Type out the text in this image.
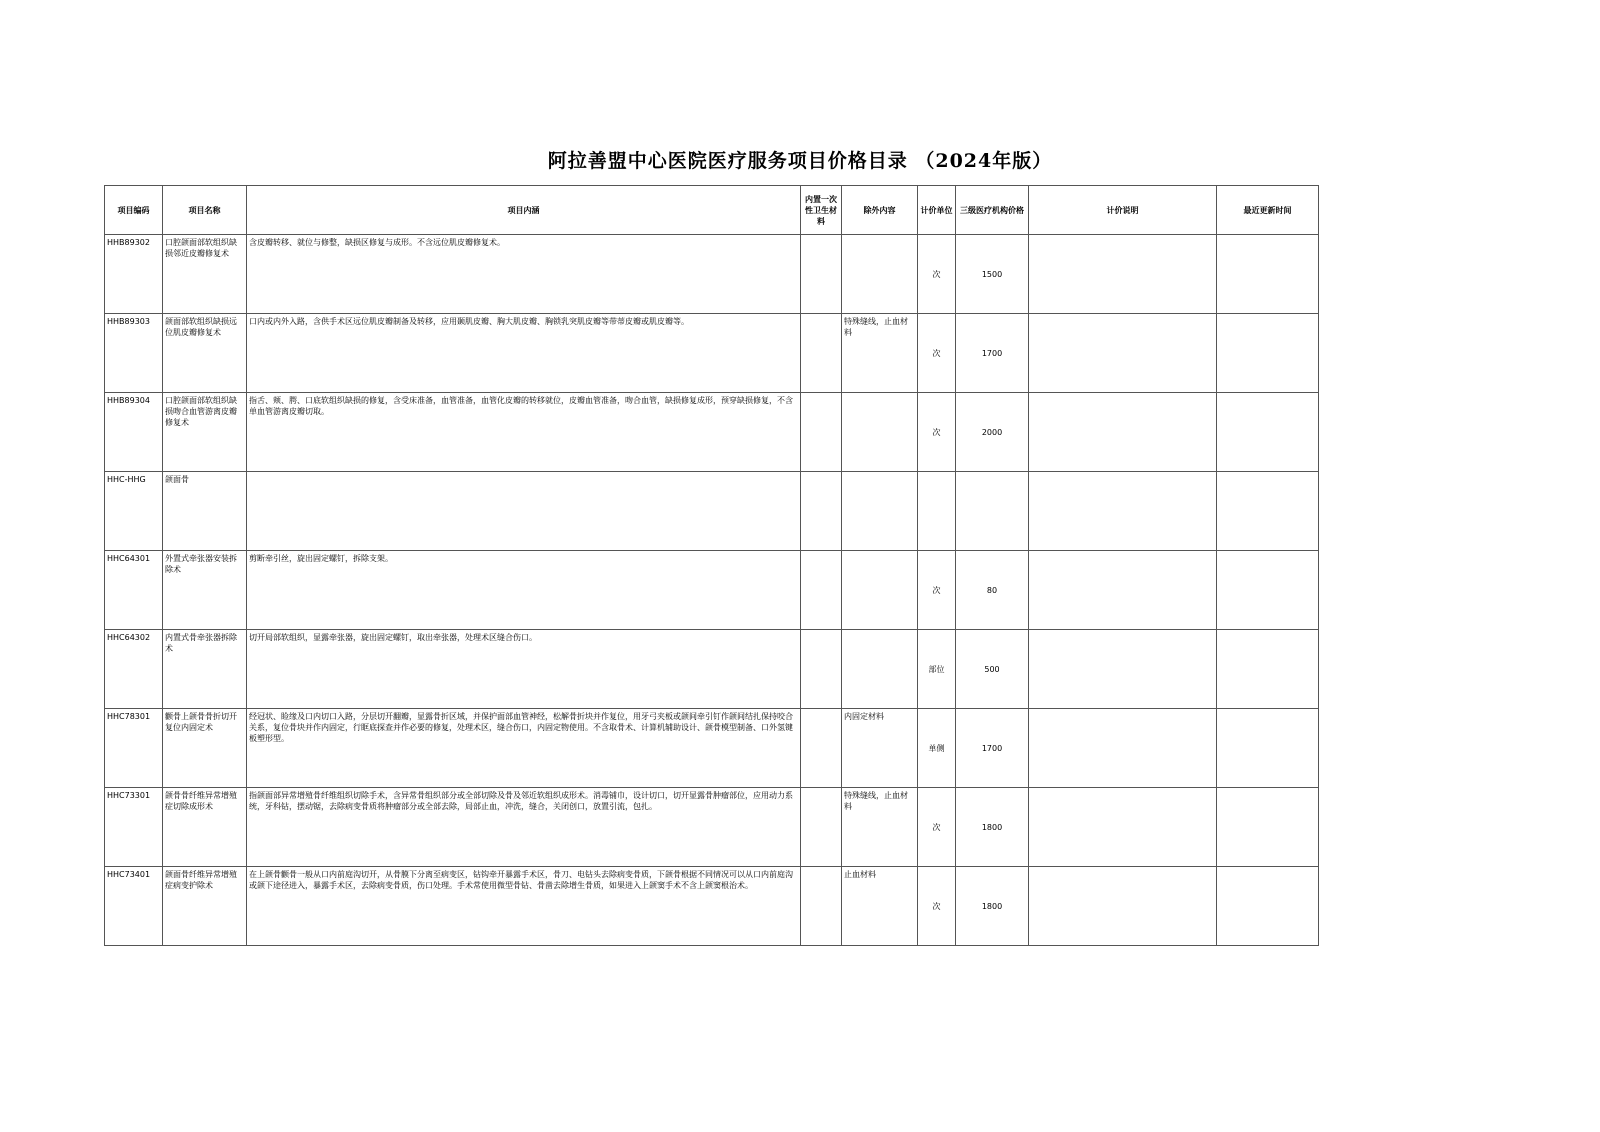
阿拉善盟中心医院医疗服务项目价格目录 （2024年版）
项目编码	项目名称	项目内涵	内置一次性卫生材料	除外内容	计价单位	三级医疗机构价格	计价说明	最近更新时间
HHB89302	口腔颌面部软组织缺损邻近皮瓣修复术	含皮瓣转移、就位与修整，缺损区修复与成形。不含远位肌皮瓣修复术。			次	1500		
HHB89303	颌面部软组织缺损远位肌皮瓣修复术	口内或内外入路，含供手术区远位肌皮瓣制备及转移，应用颞肌皮瓣、胸大肌皮瓣、胸锁乳突肌皮瓣等带蒂皮瓣或肌皮瓣等。		特殊缝线，止血材料	次	1700		
HHB89304	口腔颌面部软组织缺损吻合血管游离皮瓣修复术	指舌、颊、腭、口底软组织缺损的修复，含受床准备，血管准备，血管化皮瓣的转移就位，皮瓣血管准备，吻合血管，缺损修复成形，预穿缺损修复，不含单血管游离皮瓣切取。			次	2000		
HHC-HHG	颌面骨							
HHC64301	外置式牵张器安装拆除术	剪断牵引丝，旋出固定螺钉，拆除支架。			次	80		
HHC64302	内置式骨牵张器拆除术	切开局部软组织，显露牵张器，旋出固定螺钉，取出牵张器，处理术区缝合伤口。			部位	500		
HHC78301	颧骨上颌骨骨折切开复位内固定术	经冠状、睑缘及口内切口入路，分层切开翻瓣，显露骨折区域，并保护面部血管神经，松解骨折块并作复位，用牙弓夹板或颌间牵引钉作颌间结扎保持咬合关系，复位骨块并作内固定，行眶底探查并作必要的修复，处理术区，缝合伤口，内固定物使用。不含取骨术、计算机辅助设计、颌骨模型制备、口外氢键板塑形型。		内固定材料	单侧	1700		
HHC73301	颌骨骨纤维异常增殖症切除成形术	指颌面部异常增殖骨纤维组织切除手术，含异常骨组织部分或全部切除及骨及邻近软组织成形术。消毒铺巾，设计切口，切开显露骨肿瘤部位，应用动力系统，牙科钻，摆动锯，去除病变骨质将肿瘤部分或全部去除，局部止血，冲洗，缝合，关闭创口，放置引流，包扎。		特殊缝线，止血材料	次	1800		
HHC73401	颌面骨纤维异常增殖症病变护除术	在上颌骨颧骨一般从口内前庭沟切开，从骨膜下分离至病变区，钻钩牵开暴露手术区，骨刀、电钻头去除病变骨质，下颌骨根据不同情况可以从口内前庭沟或颌下途径进入，暴露手术区，去除病变骨质，伤口处理。手术常使用微型骨钻、骨凿去除增生骨质，如果进入上颌窦手术不含上颌窦根治术。		止血材料	次	1800		
